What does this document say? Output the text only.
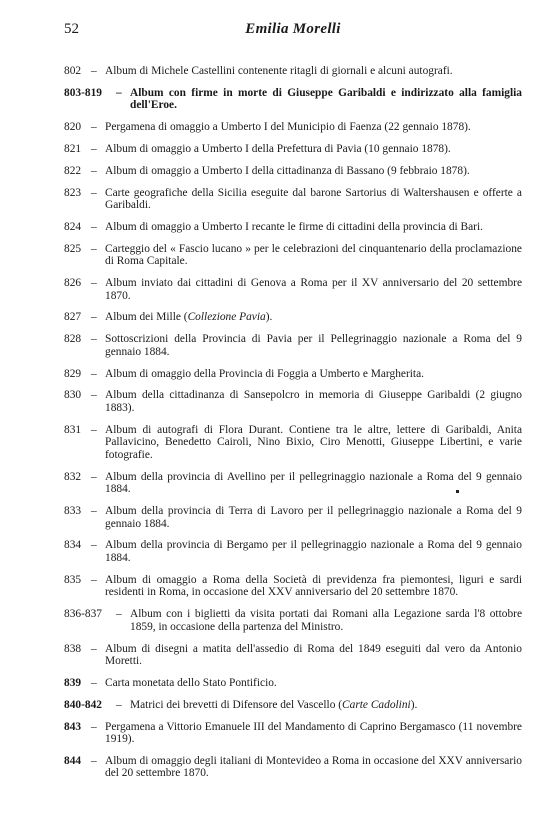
52	Emilia Morelli
802 – Album di Michele Castellini contenente ritagli di giornali e alcuni autografi.
803-819 – Album con firme in morte di Giuseppe Garibaldi e indirizzato alla famiglia dell'Eroe.
820 – Pergamena di omaggio a Umberto I del Municipio di Faenza (22 gennaio 1878).
821 – Album di omaggio a Umberto I della Prefettura di Pavia (10 gennaio 1878).
822 – Album di omaggio a Umberto I della cittadinanza di Bassano (9 febbraio 1878).
823 – Carte geografiche della Sicilia eseguite dal barone Sartorius di Waltershausen e offerte a Garibaldi.
824 – Album di omaggio a Umberto I recante le firme di cittadini della provincia di Bari.
825 – Carteggio del « Fascio lucano » per le celebrazioni del cinquantenario della proclamazione di Roma Capitale.
826 – Album inviato dai cittadini di Genova a Roma per il XV anniversario del 20 settembre 1870.
827 – Album dei Mille (Collezione Pavia).
828 – Sottoscrizioni della Provincia di Pavia per il Pellegrinaggio nazionale a Roma del 9 gennaio 1884.
829 – Album di omaggio della Provincia di Foggia a Umberto e Margherita.
830 – Album della cittadinanza di Sansepolcro in memoria di Giuseppe Garibaldi (2 giugno 1883).
831 – Album di autografi di Flora Durant. Contiene tra le altre, lettere di Garibaldi, Anita Pallavicino, Benedetto Cairoli, Nino Bixio, Ciro Menotti, Giuseppe Libertini, e varie fotografie.
832 – Album della provincia di Avellino per il pellegrinaggio nazionale a Roma del 9 gennaio 1884.
833 – Album della provincia di Terra di Lavoro per il pellegrinaggio nazionale a Roma del 9 gennaio 1884.
834 – Album della provincia di Bergamo per il pellegrinaggio nazionale a Roma del 9 gennaio 1884.
835 – Album di omaggio a Roma della Società di previdenza fra piemontesi, liguri e sardi residenti in Roma, in occasione del XXV anniversario del 20 settembre 1870.
836-837 – Album con i biglietti da visita portati dai Romani alla Legazione sarda l'8 ottobre 1859, in occasione della partenza del Ministro.
838 – Album di disegni a matita dell'assedio di Roma del 1849 eseguiti dal vero da Antonio Moretti.
839 – Carta monetata dello Stato Pontificio.
840-842 – Matrici dei brevetti di Difensore del Vascello (Carte Cadolini).
843 – Pergamena a Vittorio Emanuele III del Mandamento di Caprino Bergamasco (11 novembre 1919).
844 – Album di omaggio degli italiani di Montevideo a Roma in occasione del XXV anniversario del 20 settembre 1870.
